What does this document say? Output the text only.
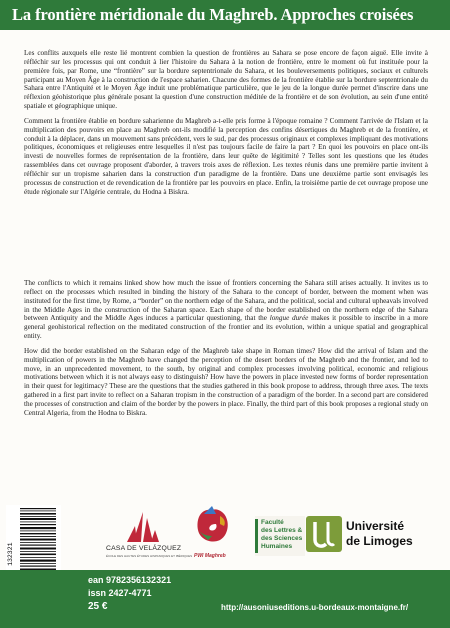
La frontière méridionale du Maghreb. Approches croisées

Les conflits auxquels elle reste lié montrent combien la question de frontières au Sahara se pose encore de façon aiguë. Elle invite à réfléchir sur les processus qui ont conduit à lier l'histoire du Sahara à la notion de frontière, entre le moment où fut instituée pour la première fois, par Rome, une “frontière” sur la bordure septentrionale du Sahara, et les bouleversements politiques, sociaux et culturels participant au Moyen Âge à la construction de l'espace saharien. Chacune des formes de la frontière établie sur la bordure septentrionale du Sahara entre l'Antiquité et le Moyen Âge induit une problématique particulière, que le jeu de la longue durée permet d'inscrire dans une réflexion géohistorique plus générale posant la question d'une construction méditée de la frontière et de son évolution, au sein d'une entité spatiale et géographique unique.

Comment la frontière établie en bordure saharienne du Maghreb a-t-elle pris forme à l'époque romaine ? Comment l'arrivée de l'Islam et la multiplication des pouvoirs en place au Maghreb ont-ils modifié la perception des confins désertiques du Maghreb et de la frontière, et conduit à la déplacer, dans un mouvement sans précédent, vers le sud, par des processus originaux et complexes impliquant des motivations politiques, économiques et religieuses entre lesquelles il n'est pas toujours facile de faire la part ? En quoi les pouvoirs en place ont-ils investi de nouvelles formes de représentation de la frontière, dans leur quête de légitimité ? Telles sont les questions que les études rassemblées dans cet ouvrage proposent d'aborder, à travers trois axes de réflexion. Les textes réunis dans une première partie invitent à réfléchir sur un tropisme saharien dans la construction d'un paradigme de la frontière. Dans une deuxième partie sont envisagés les processus de construction et de revendication de la frontière par les pouvoirs en place. Enfin, la troisième partie de cet ouvrage propose une étude régionale sur l'Algérie centrale, du Hodna à Biskra.

The conflicts to which it remains linked show how much the issue of frontiers concerning the Sahara still arises actually. It invites us to reflect on the processes which resulted in binding the history of the Sahara to the concept of border, between the moment when was instituted for the first time, by Rome, a “border” on the northern edge of the Sahara, and the political, social and cultural upheavals involved in the Middle Ages in the construction of the Saharan space. Each shape of the border established on the northern edge of the Sahara between Antiquity and the Middle Ages induces a particular questioning, that the longue durée makes it possible to inscribe in a more general geohistorical reflection on the meditated construction of the frontier and its evolution, within a unique spatial and geographical entity.

How did the border established on the Saharan edge of the Maghreb take shape in Roman times? How did the arrival of Islam and the multiplication of powers in the Maghreb have changed the perception of the desert borders of the Maghreb and the frontier, and led to move, in an unprecedented movement, to the south, by original and complex processes involving political, economic and religious motivations between which it is not always easy to distinguish? How have the powers in place invested new forms of border representation in their quest for legitimacy? These are the questions that the studies gathered in this book propose to address, through three axes. The texts gathered in a first part invite to reflect on a Saharan tropism in the construction of a paradigm of the border. In a second part are considered the processes of construction and claim of the border by the powers in place. Finally, the third part of this book proposes a regional study on Central Algeria, from the Hodna to Biskra.

CASA DE VELÁZQUEZ
ÉCOLE DES HAUTES ÉTUDES HISPANIQUES ET IBÉRIQUES PWI Maghreb
Faculté
des Lettres &
des Sciences
Humaines
Université
de Limoges
ean 9782356132321
issn 2427-4771
25 €	http://ausoniuseditions.u-bordeaux-montaigne.fr/
